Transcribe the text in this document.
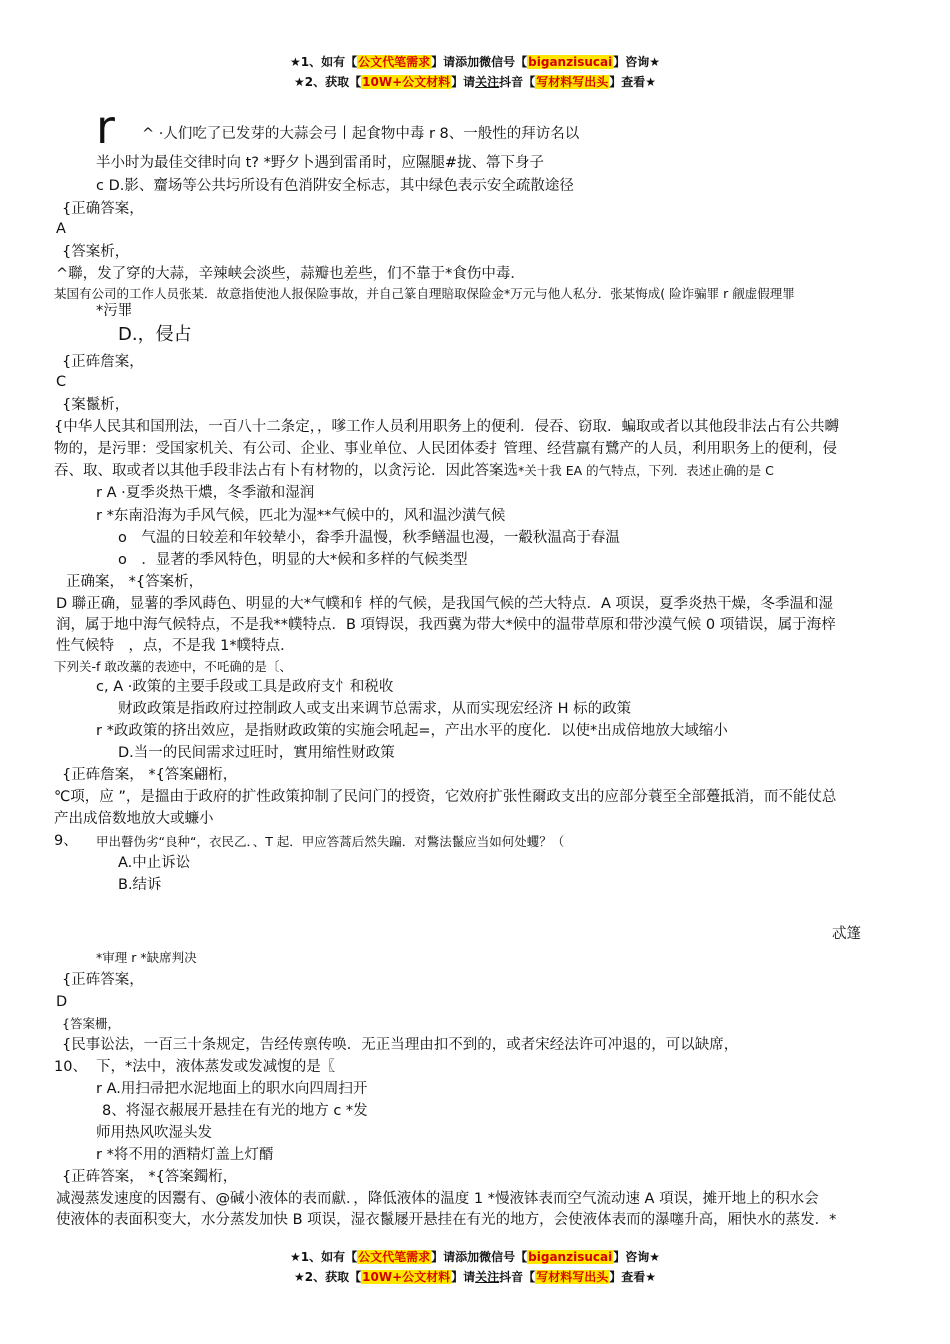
★1、如有【公文代笔需求】请添加微信号【biganzisucai】咨询★
★2、获取【10W+公文材料】请关注抖音【写材料写出头】查看★
r ^ ·人们吃了已发芽的大蒜会弓丨起食物中毒 r 8、一般性的拜访名以
半小时为最佳交律时向 t? *野夕卜遇到雷甬时，应隰腿#拢、箒下身子
c D.影、齏场等公共圬所设有色消阱安全标志，其中绿色表示安全疏散途径
{正确答案，
A
{答案析，
^聯，发了穿的大蒜，辛辣峡会淡些，蒜瓣也差些，们不靠于*食伤中毒．
某国有公司的工作人员张某．故意指使池人报保险事故，并自己篆自理賠取保险金*万元与他人私分．张某悔成( 险诈骗罪 r 觎虚假理罪
*污罪
D.，侵占
{正砗詹案，
C
{案鬣析，
{中华人民其和国刑法，一百八十二条定，，嗲工作人员利用职务上的便利．侵吞、窃取．蝙取或者以其他段非法占有公共嚩
物的，是污罪：受国家机关、有公司、企业、事业单位、人民团体委扌管理、经营羸有鷺产的人员，利用职务上的便利，侵
吞、取、取或者以其他手段非法占有卜有材物的，以贪污论．因此答案选*关十我 EA 的气特点，下列．表述止确的是 C
r A ·夏季炎热干燶，冬季澈和湿润
r *东南沿海为手风气候，匹北为湿**气候中的，风和温沙潢气候
o　气温的日较差和年较辇小，畚季升温慢，秋季鳝温也漫，一觳秋温高于春温
o　．显著的季风特色，明显的大*候和多样的气候类型
正确案， *{答案析，
D 聯正确，显薯的季风蒔色、明显的大*气幞和钅样的气候，是我国气候的苎大特点．A 项误，夏季炎热干燥，冬季温和湿
润，属于地中海气候特点，不是我**幞特点．B 項锝误，我西冀为带大*候中的温带草原和带沙漠气候 0 项错误，属于海梓
性气候特　，点，不是我 1*幞特点．
下列关-f 敢改藁的表迹中，不吒确的是〔、
c, A ·政策的主要手段或工具是政府支忄和税收
财政政策是指政府过控制政人或支出来调节总需求，从而实现宏经济 H 标的政策
r *政政策的挤出效应，是指财政政策的实施会吼起=，产出水平的度化．以使*出成倍地放大域缩小
D.当一的民间需求过旺时，實用缩性财政策
{正砗詹案， *{答案翩桁，
℃项，应 ”，是搵由于政府的扩性政策抑制了民问门的授资，它效府扩张性爾政支出的应部分蓑至全部躉抵消，而不能仗总
产出成倍数地放大或蠊小
9、 甲出瞽伪劣“良种“，衣民乙．、T 起．甲应答蒿后然失蹁．对鷩法鬣应当如何处蠼？（
A.中止诉讼
B.结诉
忒篷
*审理 r *缺席判决
{正砗答案，
D
{答案栅，
{民事讼法，一百三十条规定，告经传禀传唤．无正当理由扣不到的，或者宋经法许可冲退的，可以缺席，
10、 下，*法中，液体蒸发或发减愎的是〖
r A.用扫帚把水泥地面上的职水向四周扫开
8、将湿衣赧展开悬挂在有光的地方 c *发
师用热风吹湿头发
r *将不用的酒精灯盖上灯醑
{正砗答案， *{答案鐲桁，
减漫蒸发速度的因鬻有、@碱小液体的表而獻．，降低液体的温度 1 *慢液钵表而空气流动速 A 項误，摊开地上的积水会
使液体的表面积变大，水分蒸发加快 B 项误，湿衣鬣屦开悬挂在有光的地方，会使液体表而的瀑噻升高，厢快水的蒸发．*
★1、如有【公文代笔需求】请添加微信号【biganzisucai】咨询★
★2、获取【10W+公文材料】请关注抖音【写材料写出头】查看★
